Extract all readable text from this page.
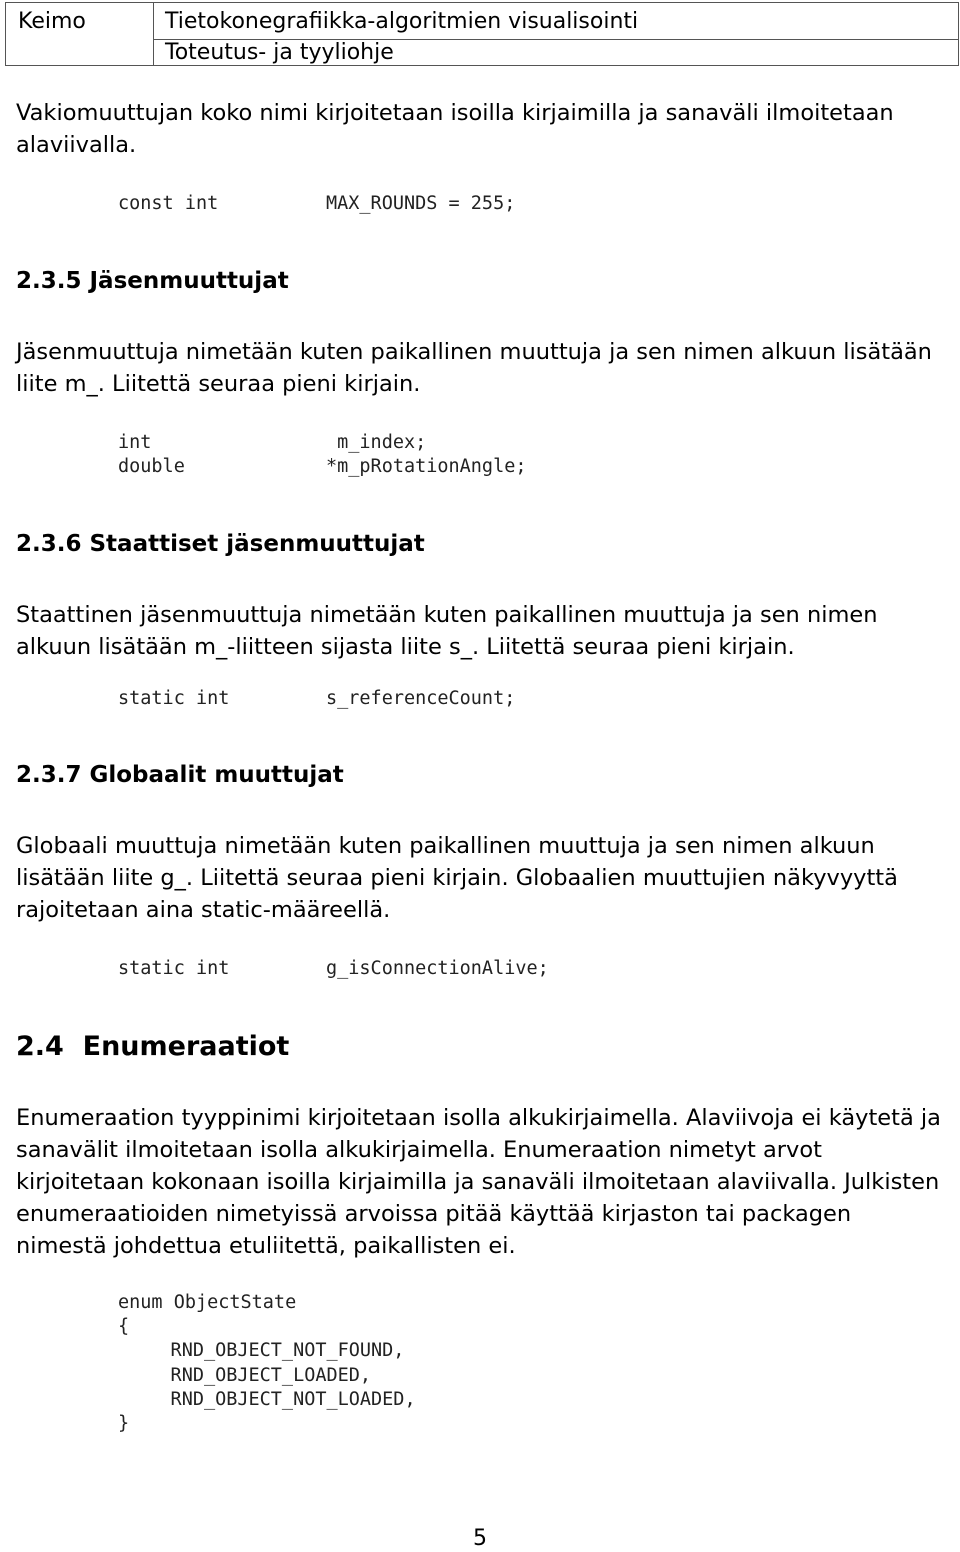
Keimo	Tietokonegrafiikka-algoritmien visualisointi
Toteutus- ja tyyliohje
Vakiomuuttujan koko nimi kirjoitetaan isoilla kirjaimilla ja sanaväli ilmoitetaan
alaviivalla.
const int	MAX_ROUNDS = 255;
2.3.5 Jäsenmuuttujat
Jäsenmuuttuja nimetään kuten paikallinen muuttuja ja sen nimen alkuun lisätään
liite m_. Liitettä seuraa pieni kirjain.
int	m_index;
double	*m_pRotationAngle;
2.3.6 Staattiset jäsenmuuttujat
Staattinen jäsenmuuttuja nimetään kuten paikallinen muuttuja ja sen nimen
alkuun lisätään m_-liitteen sijasta liite s_. Liitettä seuraa pieni kirjain.
static int	s_referenceCount;
2.3.7 Globaalit muuttujat
Globaali muuttuja nimetään kuten paikallinen muuttuja ja sen nimen alkuun
lisätään liite g_. Liitettä seuraa pieni kirjain. Globaalien muuttujien näkyvyyttä
rajoitetaan aina static-määreellä.
static int	g_isConnectionAlive;
2.4  Enumeraatiot
Enumeraation tyyppinimi kirjoitetaan isolla alkukirjaimella. Alaviivoja ei käytetä ja
sanavälit ilmoitetaan isolla alkukirjaimella. Enumeraation nimetyt arvot
kirjoitetaan kokonaan isoilla kirjaimilla ja sanaväli ilmoitetaan alaviivalla. Julkisten
enumeraatioiden nimetyissä arvoissa pitää käyttää kirjaston tai packagen
nimestä johdettua etuliitettä, paikallisten ei.
enum ObjectState
{
RND_OBJECT_NOT_FOUND,
RND_OBJECT_LOADED,
RND_OBJECT_NOT_LOADED,
}
5
